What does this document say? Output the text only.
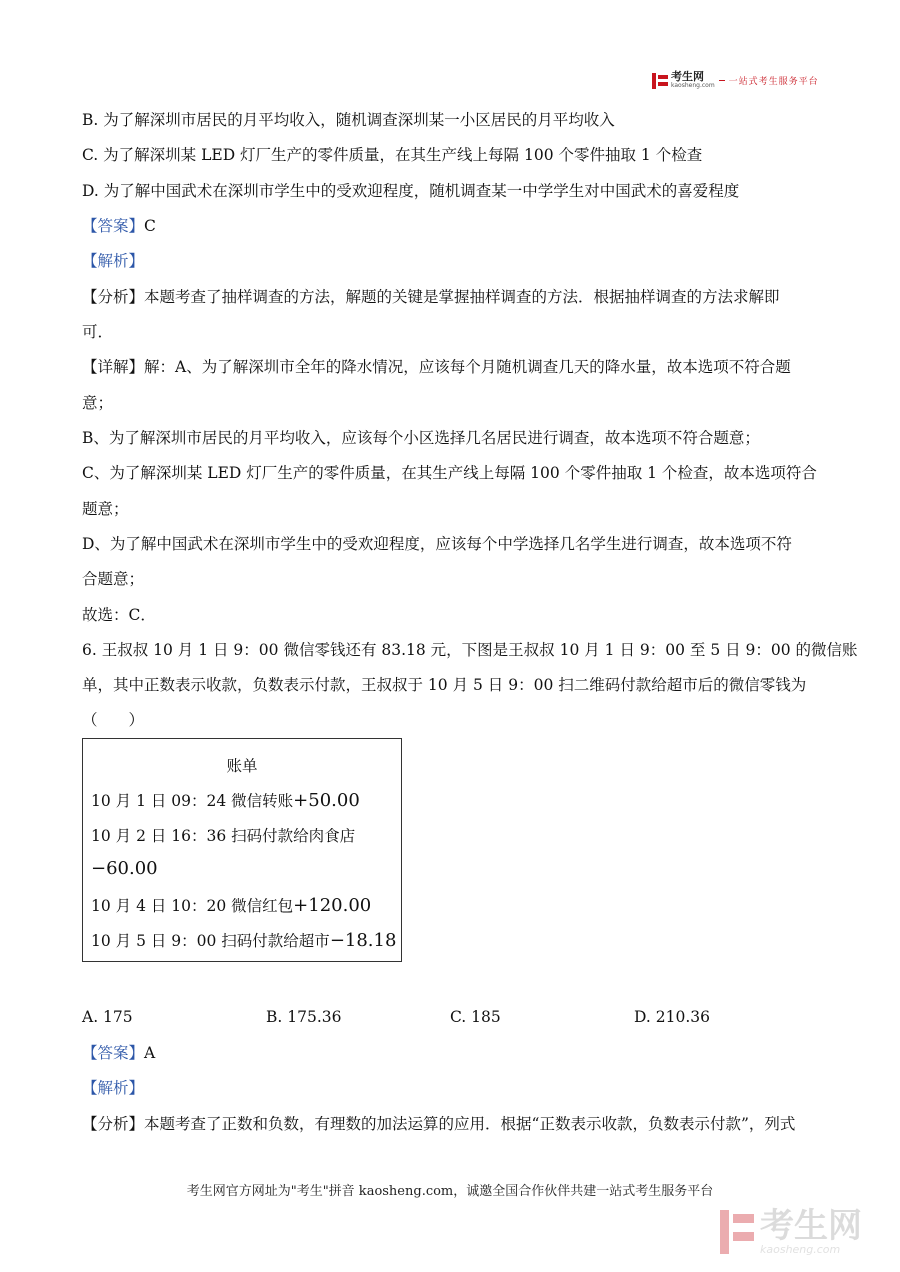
考生网
kaosheng.com 一站式考生服务平台
B. 为了解深圳市居民的月平均收入，随机调查深圳某一小区居民的月平均收入
C. 为了解深圳某 LED 灯厂生产的零件质量，在其生产线上每隔 100 个零件抽取 1 个检查
D. 为了解中国武术在深圳市学生中的受欢迎程度，随机调查某一中学学生对中国武术的喜爱程度
【答案】C
【解析】
【分析】本题考查了抽样调查的方法，解题的关键是掌握抽样调查的方法．根据抽样调查的方法求解即
可．
【详解】解：A、为了解深圳市全年的降水情况，应该每个月随机调查几天的降水量，故本选项不符合题
意；
B、为了解深圳市居民的月平均收入，应该每个小区选择几名居民进行调查，故本选项不符合题意；
C、为了解深圳某 LED 灯厂生产的零件质量，在其生产线上每隔 100 个零件抽取 1 个检查，故本选项符合
题意；
D、为了解中国武术在深圳市学生中的受欢迎程度，应该每个中学选择几名学生进行调查，故本选项不符
合题意；
故选：C．
6. 王叔叔 10 月 1 日 9：00 微信零钱还有 83.18 元，下图是王叔叔 10 月 1 日 9：00 至 5 日 9：00 的微信账
单，其中正数表示收款，负数表示付款，王叔叔于 10 月 5 日 9：00 扫二维码付款给超市后的微信零钱为
（　　）
账单
10 月 1 日 09：24 微信转账+50.00
10 月 2 日 16：36 扫码付款给肉食店
−60.00
10 月 4 日 10：20 微信红包+120.00
10 月 5 日 9：00 扫码付款给超市−18.18
A. 175	B. 175.36	C. 185	D. 210.36
【答案】A
【解析】
【分析】本题考查了正数和负数，有理数的加法运算的应用．根据“正数表示收款，负数表示付款”，列式
考生网官方网址为"考生"拼音 kaosheng.com，诚邀全国合作伙伴共建一站式考生服务平台
考生网
kaosheng.com
